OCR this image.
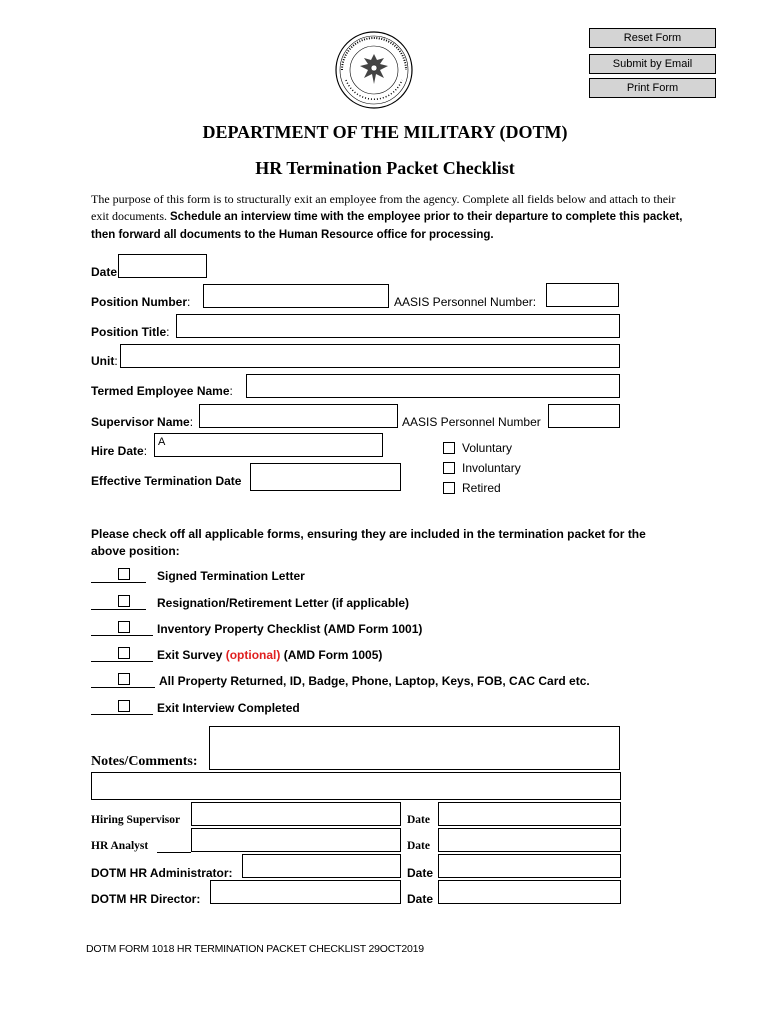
Reset Form
Submit by Email
Print Form
DEPARTMENT OF THE MILITARY (DOTM)
HR Termination Packet Checklist
The purpose of this form is to structurally exit an employee from the agency. Complete all fields below and attach to their exit documents. Schedule an interview time with the employee prior to their departure to complete this packet, then forward all documents to the Human Resource office for processing.
Date
Position Number:	AASIS Personnel Number:
Position Title:
Unit:
Termed Employee Name:
Supervisor Name:	AASIS Personnel Number
Hire Date:
A
Effective Termination Date
Voluntary
Involuntary
Retired
Please check off all applicable forms, ensuring they are included in the termination packet for the above position:
Signed Termination Letter
Resignation/Retirement Letter (if applicable)
Inventory Property Checklist (AMD Form 1001)
Exit Survey (optional) (AMD Form 1005)
All Property Returned, ID, Badge, Phone, Laptop, Keys, FOB, CAC Card etc.
Exit Interview Completed
Notes/Comments:
Hiring Supervisor	Date
HR Analyst	Date
DOTM HR Administrator:	Date
DOTM HR Director:	Date
DOTM FORM 1018 HR TERMINATION PACKET CHECKLIST 29OCT2019
